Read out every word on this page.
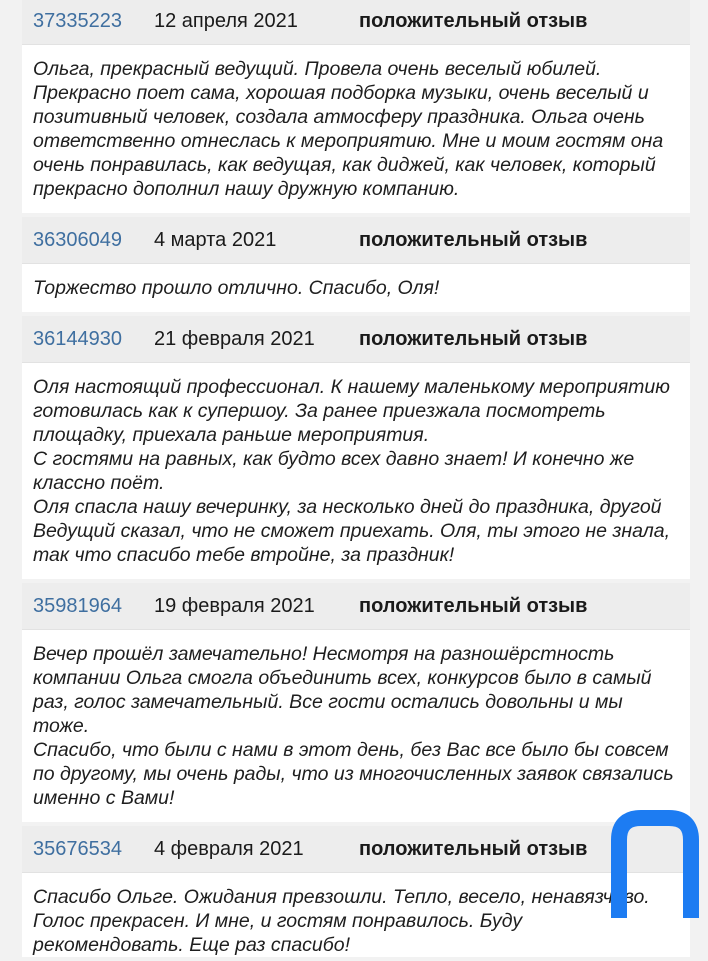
37335223	12 апреля 2021	положительный отзыв
Ольга, прекрасный ведущий. Провела очень веселый юбилей.
Прекрасно поет сама, хорошая подборка музыки, очень веселый и позитивный человек, создала атмосферу праздника. Ольга очень ответственно отнеслась к мероприятию. Мне и моим гостям она очень понравилась, как ведущая, как диджей, как человек, который прекрасно дополнил нашу дружную компанию.
36306049	4 марта 2021	положительный отзыв
Торжество прошло отлично. Спасибо, Оля!
36144930	21 февраля 2021	положительный отзыв
Оля настоящий профессионал. К нашему маленькому мероприятию готовилась как к супершоу. За ранее приезжала посмотреть площадку, приехала раньше мероприятия.
С гостями на равных, как будто всех давно знает! И конечно же классно поёт.
Оля спасла нашу вечеринку, за несколько дней до праздника, другой Ведущий сказал, что не сможет приехать. Оля, ты этого не знала, так что спасибо тебе втройне, за праздник!
35981964	19 февраля 2021	положительный отзыв
Вечер прошёл замечательно! Несмотря на разношёрстность компании Ольга смогла объединить всех, конкурсов было в самый раз, голос замечательный. Все гости остались довольны и мы тоже.
Спасибо, что были с нами в этот день, без Вас все было бы совсем по другому, мы очень рады, что из многочисленных заявок связались именно с Вами!
35676534	4 февраля 2021	положительный отзыв
Спасибо Ольге. Ожидания превзошли. Тепло, весело, ненавязчиво.
Голос прекрасен. И мне, и гостям понравилось. Буду рекомендовать. Еще раз спасибо!
